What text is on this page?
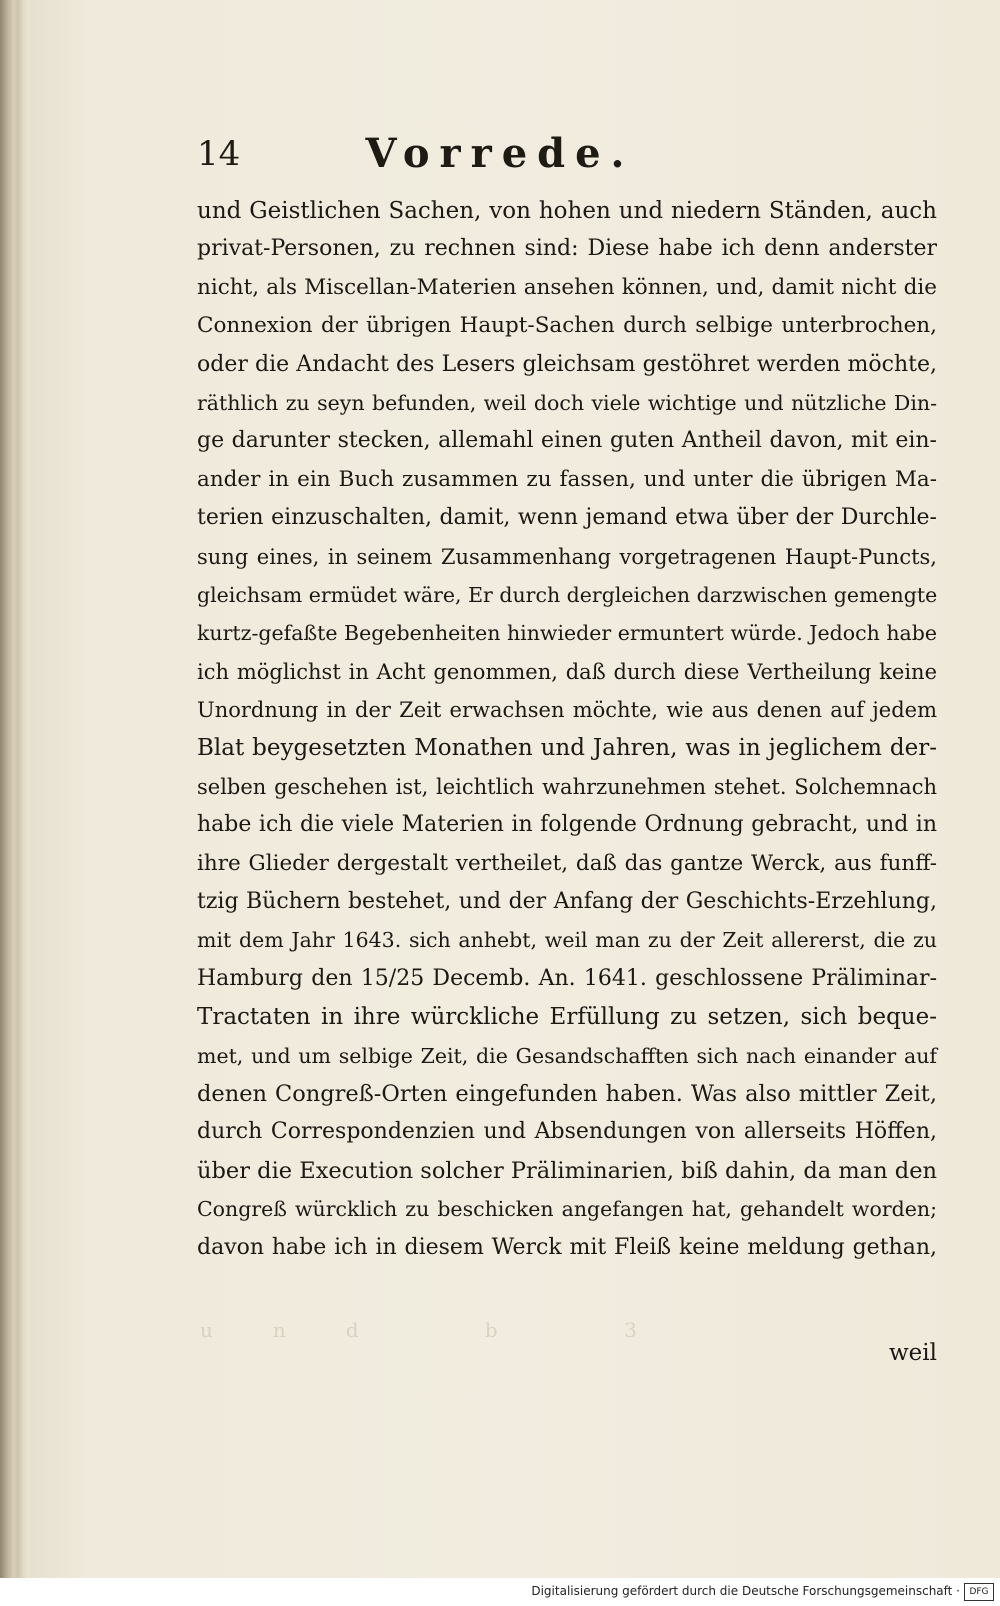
und b 3
14	Vorrede.
und Geistlichen Sachen, von hohen und niedern Ständen, auch
privat-Personen, zu rechnen sind: Diese habe ich denn anderster
nicht, als Miscellan-Materien ansehen können, und, damit nicht die
Connexion der übrigen Haupt-Sachen durch selbige unterbrochen,
oder die Andacht des Lesers gleichsam gestöhret werden möchte,
räthlich zu seyn befunden, weil doch viele wichtige und nützliche Din-
ge darunter stecken, allemahl einen guten Antheil davon, mit ein-
ander in ein Buch zusammen zu fassen, und unter die übrigen Ma-
terien einzuschalten, damit, wenn jemand etwa über der Durchle-
sung eines, in seinem Zusammenhang vorgetragenen Haupt-Puncts,
gleichsam ermüdet wäre, Er durch dergleichen darzwischen gemengte
kurtz-gefaßte Begebenheiten hinwieder ermuntert würde. Jedoch habe
ich möglichst in Acht genommen, daß durch diese Vertheilung keine
Unordnung in der Zeit erwachsen möchte, wie aus denen auf jedem
Blat beygesetzten Monathen und Jahren, was in jeglichem der-
selben geschehen ist, leichtlich wahrzunehmen stehet. Solchemnach
habe ich die viele Materien in folgende Ordnung gebracht, und in
ihre Glieder dergestalt vertheilet, daß das gantze Werck, aus funff-
tzig Büchern bestehet, und der Anfang der Geschichts-Erzehlung,
mit dem Jahr 1643. sich anhebt, weil man zu der Zeit allererst, die zu
Hamburg den 15/25 Decemb. An. 1641. geschlossene Präliminar-
Tractaten in ihre würckliche Erfüllung zu setzen, sich beque-
met, und um selbige Zeit, die Gesandschafften sich nach einander auf
denen Congreß-Orten eingefunden haben. Was also mittler Zeit,
durch Correspondenzien und Absendungen von allerseits Höffen,
über die Execution solcher Präliminarien, biß dahin, da man den
Congreß würcklich zu beschicken angefangen hat, gehandelt worden;
davon habe ich in diesem Werck mit Fleiß keine meldung gethan,
weil
Digitalisierung gefördert durch die Deutsche Forschungsgemeinschaft ·	DFG
